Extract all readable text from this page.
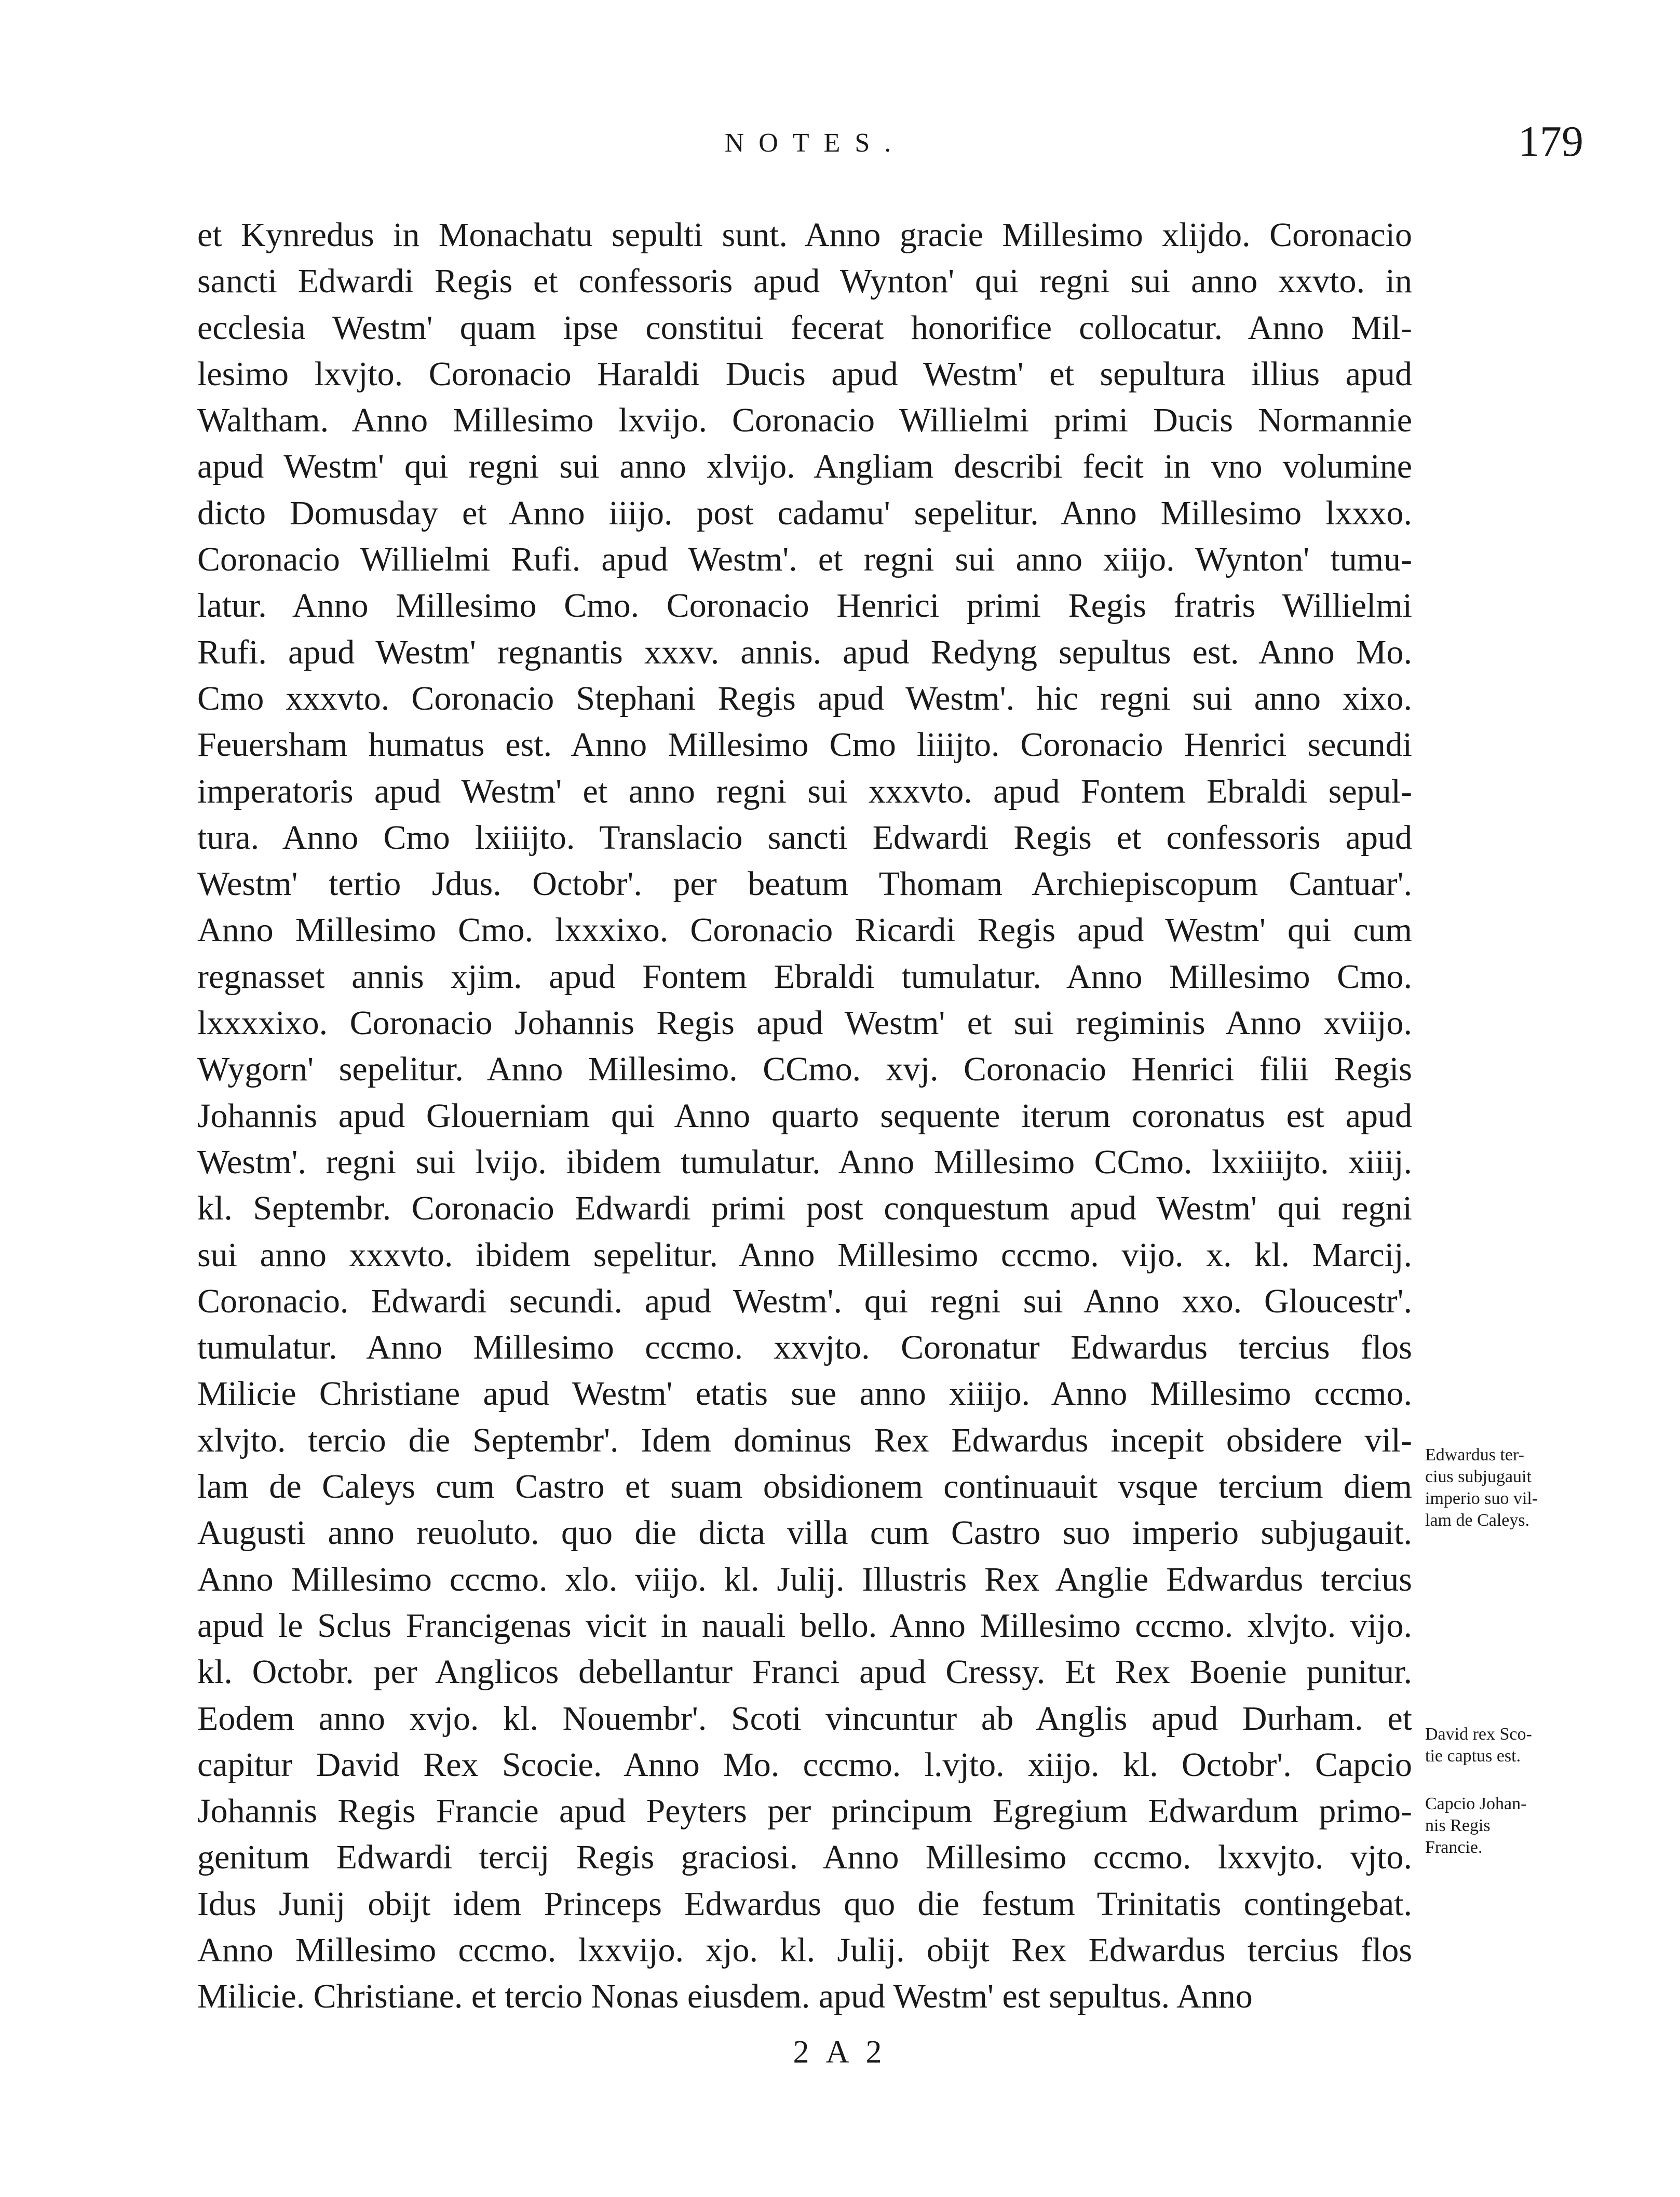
NOTES.	179
et Kynredus in Monachatu sepulti sunt. Anno gracie Millesimo xlijdo. Coronacio
sancti Edwardi Regis et confessoris apud Wynton' qui regni sui anno xxvto. in
ecclesia Westm' quam ipse constitui fecerat honorifice collocatur. Anno Mil-
lesimo lxvjto. Coronacio Haraldi Ducis apud Westm' et sepultura illius apud
Waltham. Anno Millesimo lxvijo. Coronacio Willielmi primi Ducis Normannie
apud Westm' qui regni sui anno xlvijo. Angliam describi fecit in vno volumine
dicto Domusday et Anno iiijo. post cadamu' sepelitur. Anno Millesimo lxxxo.
Coronacio Willielmi Rufi. apud Westm'. et regni sui anno xiijo. Wynton' tumu-
latur. Anno Millesimo Cmo. Coronacio Henrici primi Regis fratris Willielmi
Rufi. apud Westm' regnantis xxxv. annis. apud Redyng sepultus est. Anno Mo.
Cmo xxxvto. Coronacio Stephani Regis apud Westm'. hic regni sui anno xixo.
Feuersham humatus est. Anno Millesimo Cmo liiijto. Coronacio Henrici secundi
imperatoris apud Westm' et anno regni sui xxxvto. apud Fontem Ebraldi sepul-
tura. Anno Cmo lxiiijto. Translacio sancti Edwardi Regis et confessoris apud
Westm' tertio Jdus. Octobr'. per beatum Thomam Archiepiscopum Cantuar'.
Anno Millesimo Cmo. lxxxixo. Coronacio Ricardi Regis apud Westm' qui cum
regnasset annis xjim. apud Fontem Ebraldi tumulatur. Anno Millesimo Cmo.
lxxxxixo. Coronacio Johannis Regis apud Westm' et sui regiminis Anno xviijo.
Wygorn' sepelitur. Anno Millesimo. CCmo. xvj. Coronacio Henrici filii Regis
Johannis apud Glouerniam qui Anno quarto sequente iterum coronatus est apud
Westm'. regni sui lvijo. ibidem tumulatur. Anno Millesimo CCmo. lxxiiijto. xiiij.
kl. Septembr. Coronacio Edwardi primi post conquestum apud Westm' qui regni
sui anno xxxvto. ibidem sepelitur. Anno Millesimo cccmo. vijo. x. kl. Marcij.
Coronacio. Edwardi secundi. apud Westm'. qui regni sui Anno xxo. Gloucestr'.
tumulatur. Anno Millesimo cccmo. xxvjto. Coronatur Edwardus tercius flos
Milicie Christiane apud Westm' etatis sue anno xiiijo. Anno Millesimo cccmo.
xlvjto. tercio die Septembr'. Idem dominus Rex Edwardus incepit obsidere vil-
lam de Caleys cum Castro et suam obsidionem continuauit vsque tercium diem
Augusti anno reuoluto. quo die dicta villa cum Castro suo imperio subjugauit.
Anno Millesimo cccmo. xlo. viijo. kl. Julij. Illustris Rex Anglie Edwardus tercius
apud le Sclus Francigenas vicit in nauali bello. Anno Millesimo cccmo. xlvjto. vijo.
kl. Octobr. per Anglicos debellantur Franci apud Cressy. Et Rex Boenie punitur.
Eodem anno xvjo. kl. Nouembr'. Scoti vincuntur ab Anglis apud Durham. et
capitur David Rex Scocie. Anno Mo. cccmo. l.vjto. xiijo. kl. Octobr'. Capcio
Johannis Regis Francie apud Peyters per principum Egregium Edwardum primo-
genitum Edwardi tercij Regis graciosi. Anno Millesimo cccmo. lxxvjto. vjto.
Idus Junij obijt idem Princeps Edwardus quo die festum Trinitatis contingebat.
Anno Millesimo cccmo. lxxvijo. xjo. kl. Julij. obijt Rex Edwardus tercius flos
Milicie. Christiane. et tercio Nonas eiusdem. apud Westm' est sepultus. Anno
Edwardus ter-
cius subjugauit
imperio suo vil-
lam de Caleys.
David rex Sco-
tie captus est.
Capcio Johan-
nis Regis
Francie.
2 A 2
